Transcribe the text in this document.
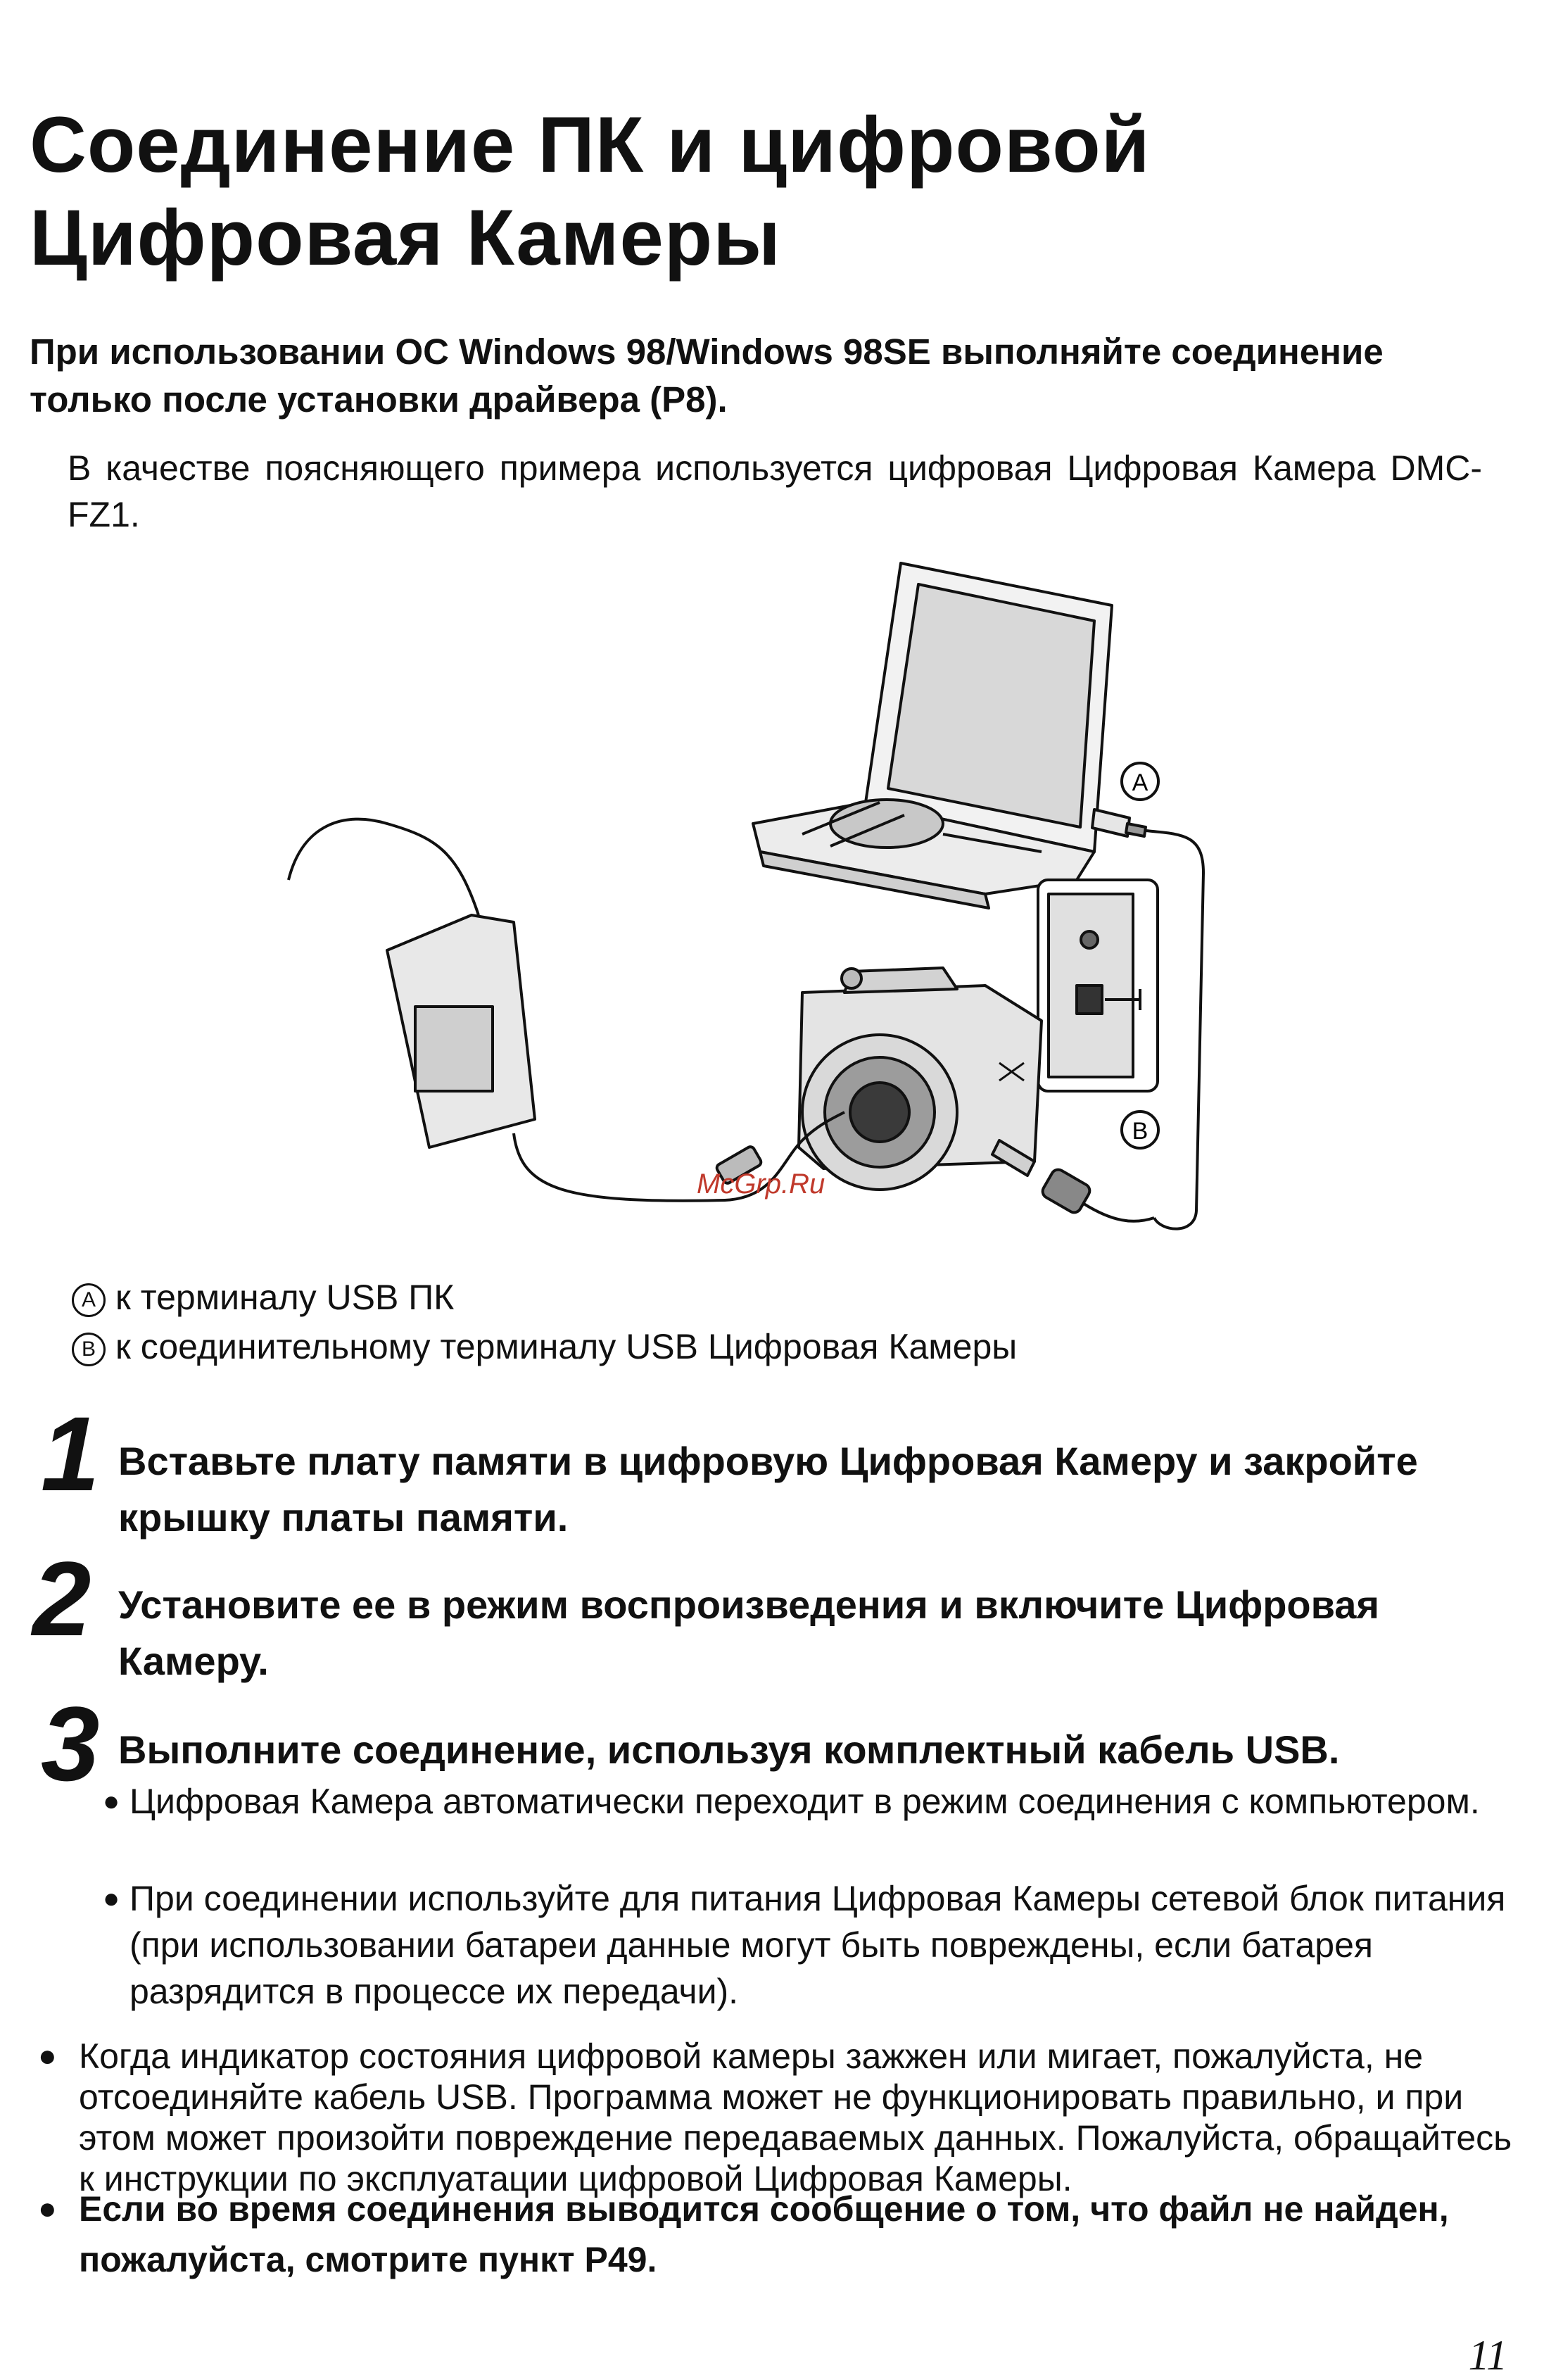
Соединение ПК и цифровой
Цифровая Камеры
При использовании ОС Windows 98/Windows 98SE выполняйте соединение только после установки драйвера (P8).
В качестве поясняющего примера используется цифровая Цифровая Камера DMC-FZ1.
A
B
McGrp.Ru
A к терминалу USB ПК
B к соединительному терминалу USB Цифровая Камеры
1 Вставьте плату памяти в цифровую Цифровая Камеру и закройте крышку платы памяти.
2 Установите ее в режим воспроизведения и включите Цифровая Камеру.
3 Выполните соединение, используя комплектный кабель USB.
● Цифровая Камера автоматически переходит в режим соединения с компьютером.
● При соединении используйте для питания Цифровая Камеры сетевой блок питания (при использовании батареи данные могут быть повреждены, если батарея разрядится в процессе их передачи).
● Когда индикатор состояния цифровой камеры зажжен или мигает, пожалуйста, не отсоединяйте кабель USB. Программа может не функционировать правильно, и при этом может произойти повреждение передаваемых данных. Пожалуйста, обращайтесь к инструкции по эксплуатации цифровой Цифровая Камеры.
● Если во время соединения выводится сообщение о том, что файл не найден, пожалуйста, смотрите пункт P49.
11
